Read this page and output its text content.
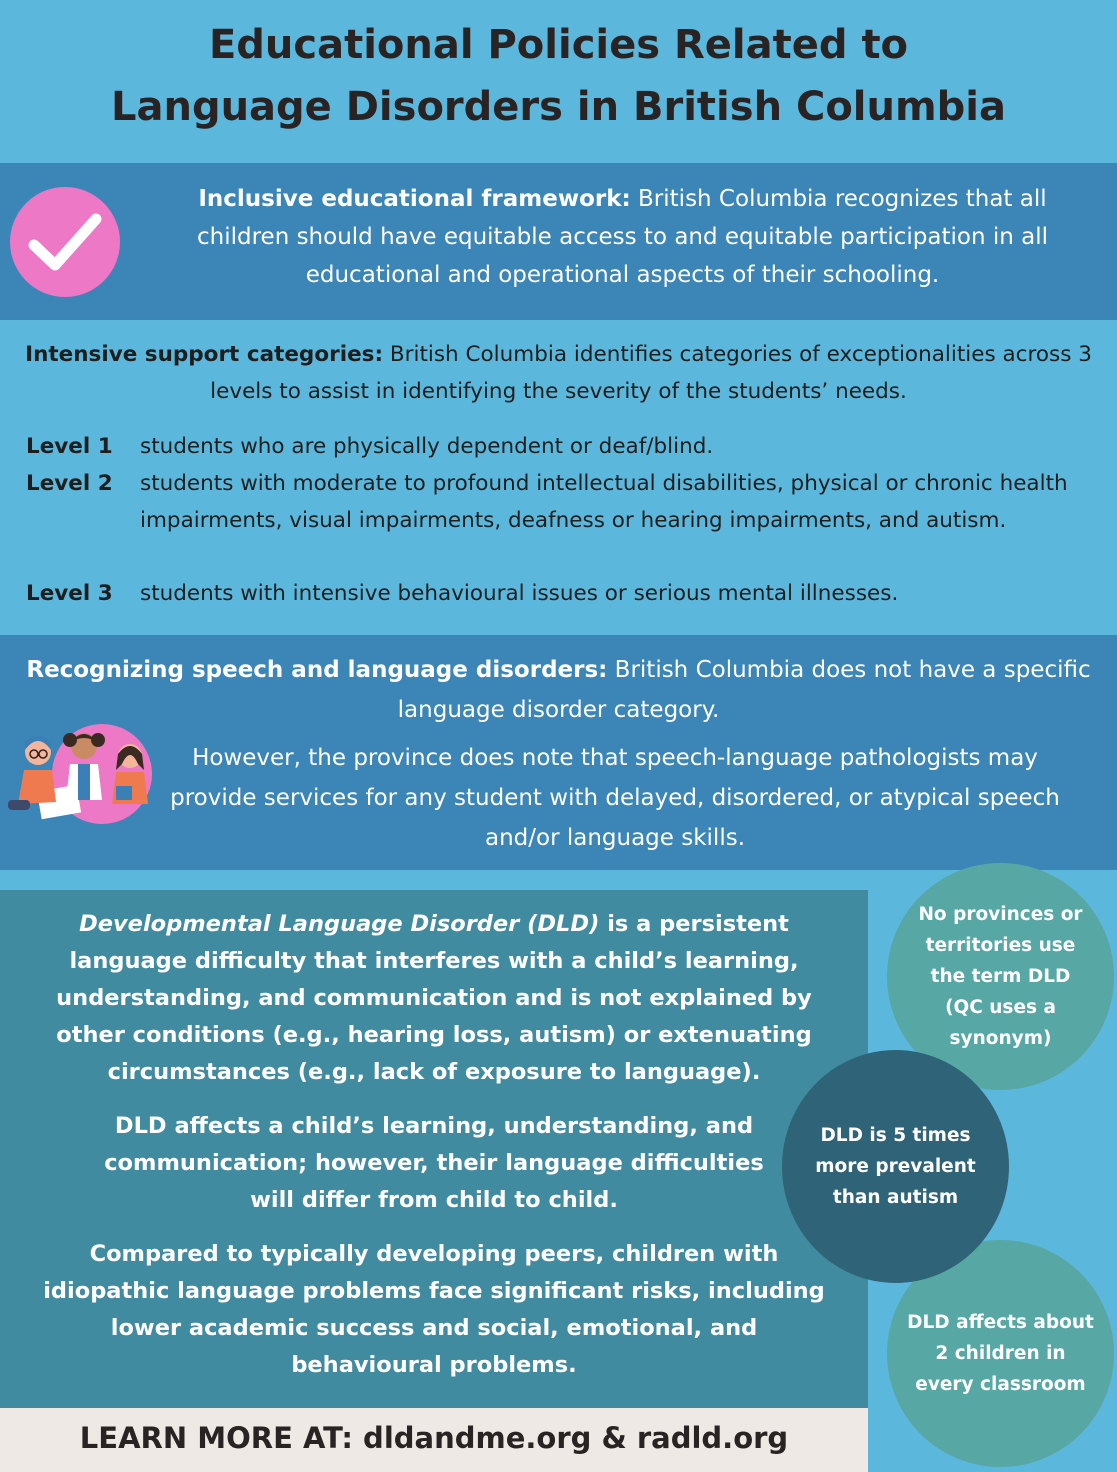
Educational Policies Related to
Language Disorders in British Columbia
Inclusive educational framework: British Columbia recognizes that all children should have equitable access to and equitable participation in all educational and operational aspects of their schooling.
Intensive support categories: British Columbia identifies categories of exceptionalities across 3 levels to assist in identifying the severity of the students’ needs.
Level 1 students who are physically dependent or deaf/blind.
Level 2 students with moderate to profound intellectual disabilities, physical or chronic health impairments, visual impairments, deafness or hearing impairments, and autism.
Level 3 students with intensive behavioural issues or serious mental illnesses.
Recognizing speech and language disorders: British Columbia does not have a specific language disorder category.
However, the province does note that speech-language pathologists may provide services for any student with delayed, disordered, or atypical speech and/or language skills.
Developmental Language Disorder (DLD) is a persistent language difficulty that interferes with a child’s learning, understanding, and communication and is not explained by other conditions (e.g., hearing loss, autism) or extenuating circumstances (e.g., lack of exposure to language).
DLD affects a child’s learning, understanding, and communication; however, their language difficulties will differ from child to child.
Compared to typically developing peers, children with idiopathic language problems face significant risks, including lower academic success and social, emotional, and behavioural problems.
LEARN MORE AT: dldandme.org & radld.org
No provinces or territories use the term DLD (QC uses a synonym)
DLD affects about 2 children in every classroom
DLD is 5 times more prevalent than autism
